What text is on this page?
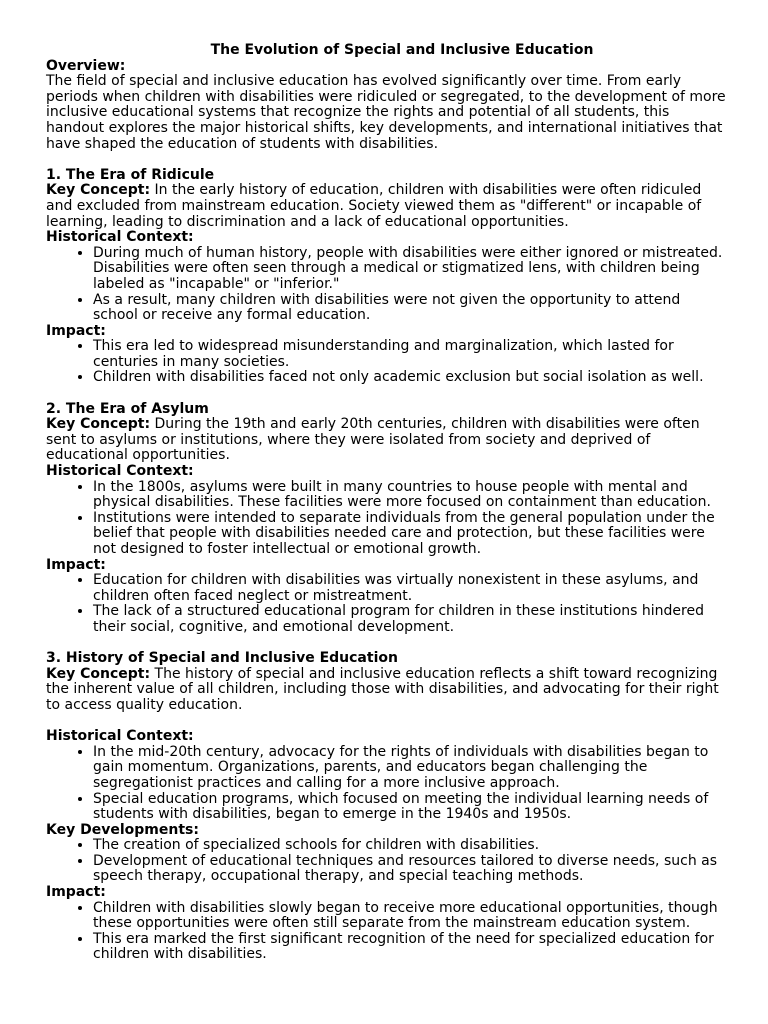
The Evolution of Special and Inclusive Education

Overview:

The field of special and inclusive education has evolved significantly over time. From early periods when children with disabilities were ridiculed or segregated, to the development of more inclusive educational systems that recognize the rights and potential of all students, this handout explores the major historical shifts, key developments, and international initiatives that have shaped the education of students with disabilities.

1. The Era of Ridicule

Key Concept: In the early history of education, children with disabilities were often ridiculed and excluded from mainstream education. Society viewed them as "different" or incapable of learning, leading to discrimination and a lack of educational opportunities.

Historical Context:

• During much of human history, people with disabilities were either ignored or mistreated. Disabilities were often seen through a medical or stigmatized lens, with children being labeled as "incapable" or "inferior."
• As a result, many children with disabilities were not given the opportunity to attend school or receive any formal education.

Impact:

• This era led to widespread misunderstanding and marginalization, which lasted for centuries in many societies.
• Children with disabilities faced not only academic exclusion but social isolation as well.

2. The Era of Asylum

Key Concept: During the 19th and early 20th centuries, children with disabilities were often sent to asylums or institutions, where they were isolated from society and deprived of educational opportunities.

Historical Context:

• In the 1800s, asylums were built in many countries to house people with mental and physical disabilities. These facilities were more focused on containment than education.
• Institutions were intended to separate individuals from the general population under the belief that people with disabilities needed care and protection, but these facilities were not designed to foster intellectual or emotional growth.

Impact:

• Education for children with disabilities was virtually nonexistent in these asylums, and children often faced neglect or mistreatment.
• The lack of a structured educational program for children in these institutions hindered their social, cognitive, and emotional development.

3. History of Special and Inclusive Education

Key Concept: The history of special and inclusive education reflects a shift toward recognizing the inherent value of all children, including those with disabilities, and advocating for their right to access quality education.

Historical Context:

• In the mid-20th century, advocacy for the rights of individuals with disabilities began to gain momentum. Organizations, parents, and educators began challenging the segregationist practices and calling for a more inclusive approach.
• Special education programs, which focused on meeting the individual learning needs of students with disabilities, began to emerge in the 1940s and 1950s.

Key Developments:

• The creation of specialized schools for children with disabilities.
• Development of educational techniques and resources tailored to diverse needs, such as speech therapy, occupational therapy, and special teaching methods.

Impact:

• Children with disabilities slowly began to receive more educational opportunities, though these opportunities were often still separate from the mainstream education system.
• This era marked the first significant recognition of the need for specialized education for children with disabilities.
